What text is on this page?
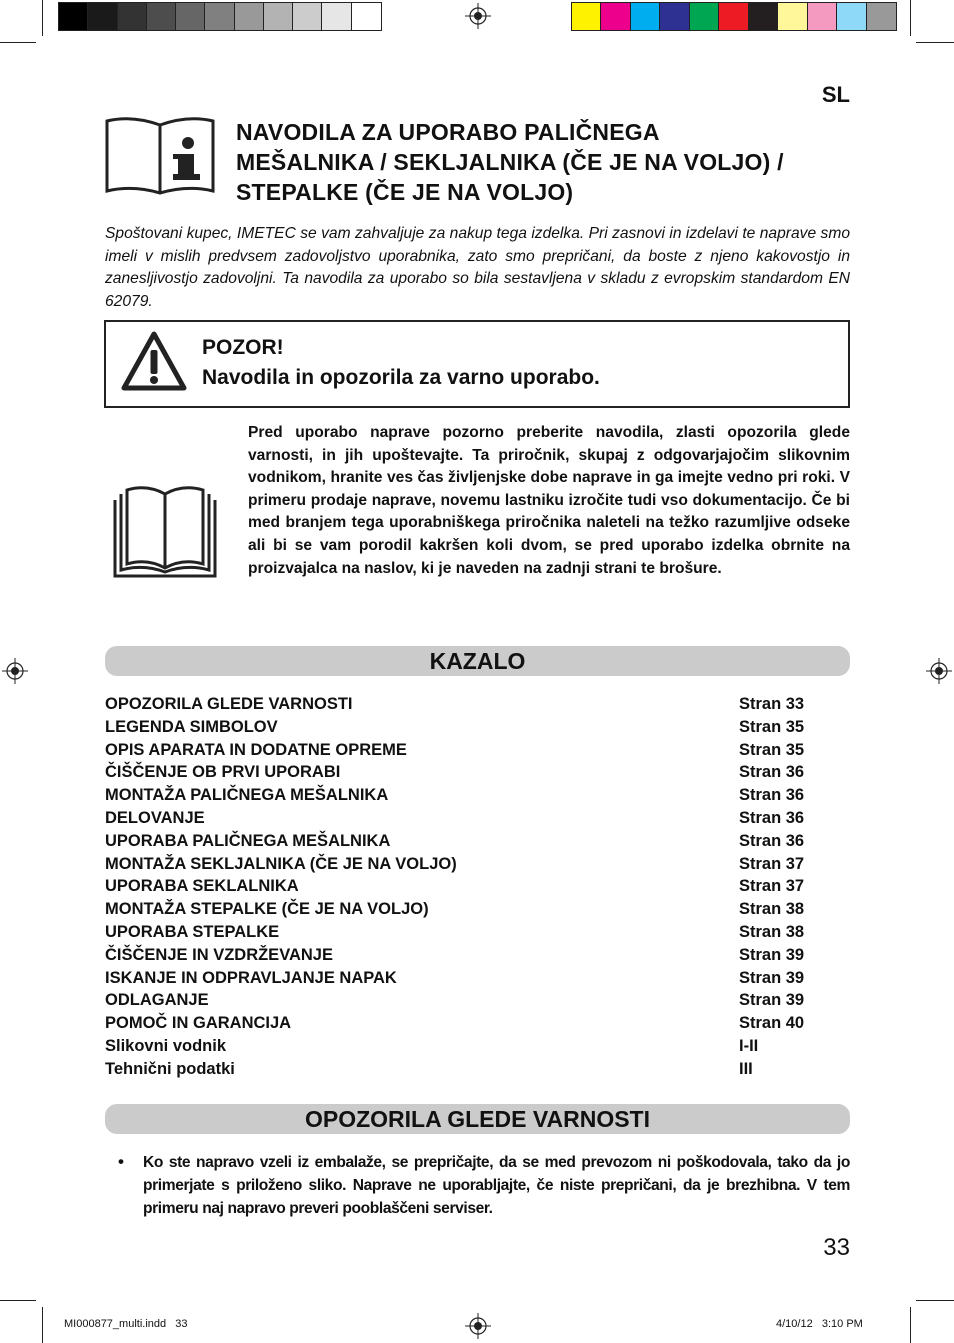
SL
NAVODILA ZA UPORABO PALIČNEGA
MEŠALNIKA / SEKLJALNIKA (ČE JE NA VOLJO) /
STEPALKE (ČE JE NA VOLJO)
Spoštovani kupec, IMETEC se vam zahvaljuje za nakup tega izdelka. Pri zasnovi in izdelavi te naprave smo imeli v mislih predvsem zadovoljstvo uporabnika, zato smo prepričani, da boste z njeno kakovostjo in zanesljivostjo zadovoljni. Ta navodila za uporabo so bila sestavljena v skladu z evropskim standardom EN 62079.
POZOR!
Navodila in opozorila za varno uporabo.
Pred uporabo naprave pozorno preberite navodila, zlasti opozorila glede varnosti, in jih upoštevajte. Ta priročnik, skupaj z odgovarjajočim slikovnim vodnikom, hranite ves čas življenjske dobe naprave in ga imejte vedno pri roki. V primeru prodaje naprave, novemu lastniku izročite tudi vso dokumentacijo. Če bi med branjem tega uporabniškega priročnika naleteli na težko razumljive odseke ali bi se vam porodil kakršen koli dvom, se pred uporabo izdelka obrnite na proizvajalca na naslov, ki je naveden na zadnji strani te brošure.
KAZALO
OPOZORILA GLEDE VARNOSTI	Stran 33
LEGENDA SIMBOLOV	Stran 35
OPIS APARATA IN DODATNE OPREME	Stran 35
ČIŠČENJE OB PRVI UPORABI	Stran 36
MONTAŽA PALIČNEGA MEŠALNIKA	Stran 36
DELOVANJE	Stran 36
UPORABA PALIČNEGA MEŠALNIKA	Stran 36
MONTAŽA SEKLJALNIKA (ČE JE NA VOLJO)	Stran 37
UPORABA SEKLALNIKA	Stran 37
MONTAŽA STEPALKE (ČE JE NA VOLJO)	Stran 38
UPORABA STEPALKE	Stran 38
ČIŠČENJE IN VZDRŽEVANJE	Stran 39
ISKANJE IN ODPRAVLJANJE NAPAK	Stran 39
ODLAGANJE	Stran 39
POMOČ IN GARANCIJA	Stran 40
Slikovni vodnik	I-II
Tehnični podatki	III
OPOZORILA GLEDE VARNOSTI
• Ko ste napravo vzeli iz embalaže, se prepričajte, da se med prevozom ni poškodovala, tako da jo primerjate s priloženo sliko. Naprave ne uporabljajte, če niste prepričani, da je brezhibna. V tem primeru naj napravo preveri pooblaščeni serviser.
33
MI000877_multi.indd   33	4/10/12   3:10 PM
